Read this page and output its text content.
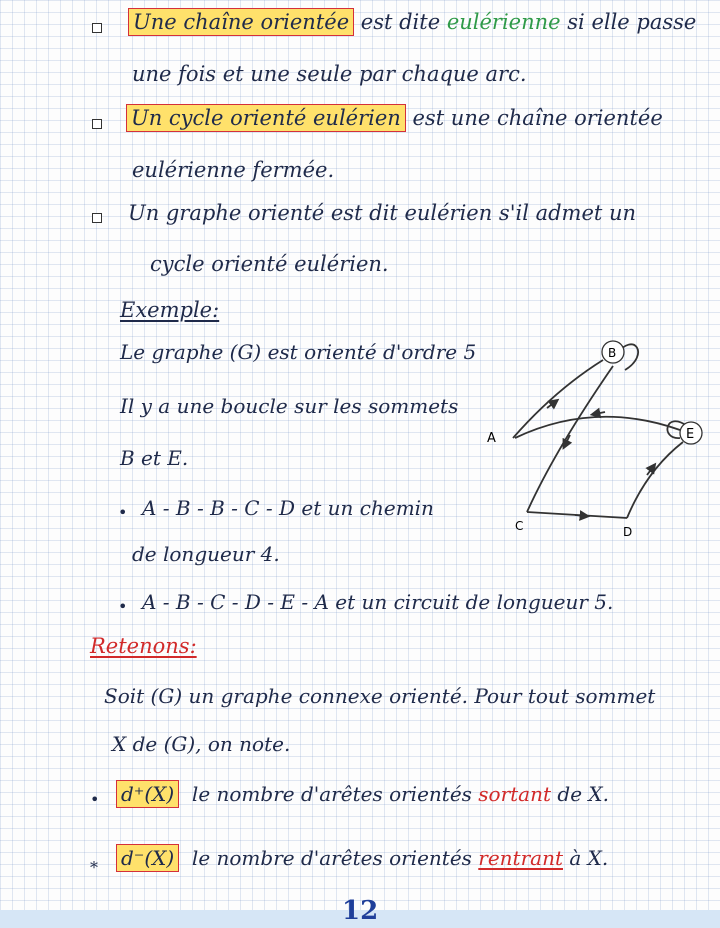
Une chaîne orientée est dite eulérienne si elle passe
une fois et une seule par chaque arc.
Un cycle orienté eulérien est une chaîne orientée
eulérienne fermée.
Un graphe orienté est dit eulérien s'il admet un
cycle orienté eulérien.
Exemple:
Le graphe (G) est orienté d'ordre 5
Il y a une boucle sur les sommets
B et E.
• A - B - B - C - D et un chemin
de longueur 4.
• A - B - C - D - E - A et un circuit de longueur 5.
B
E
A
C	D
Retenons:
Soit (G) un graphe connexe orienté. Pour tout sommet
X de (G), on note.
• d⁺(X) le nombre d'arêtes orientés sortant de X.
* d⁻(X) le nombre d'arêtes orientés rentrant à X.
12
